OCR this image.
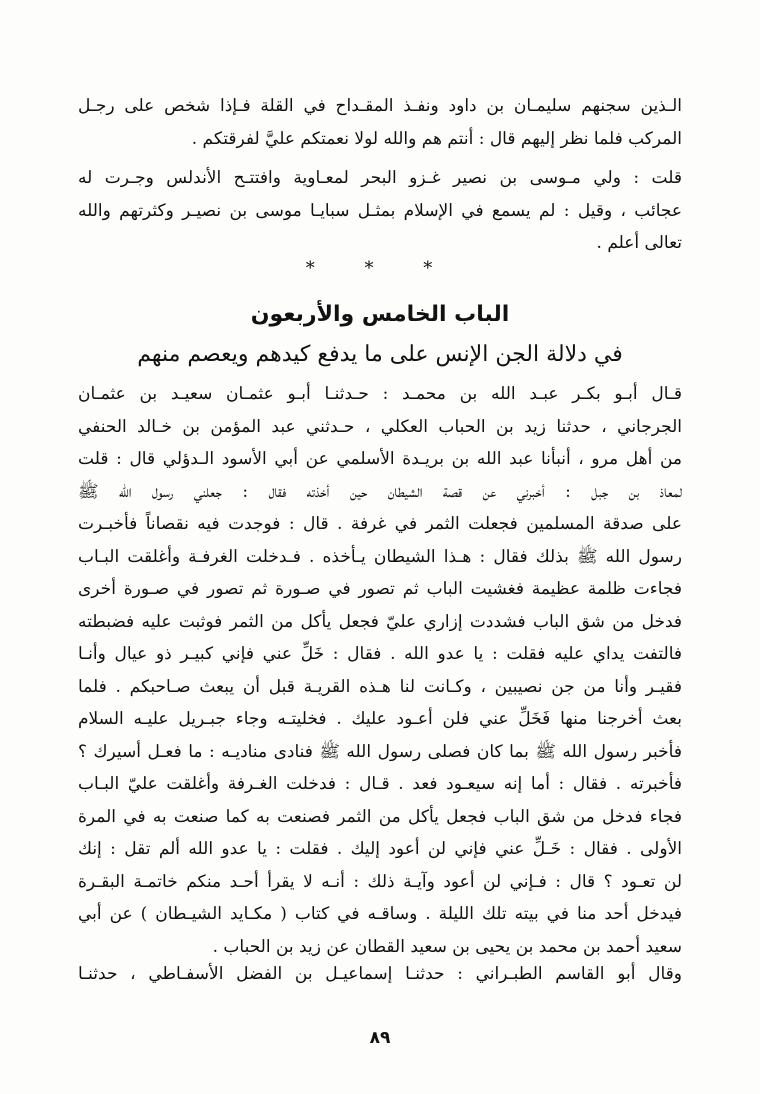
الـذين سجنهم سليمـان بن داود ونفـذ المقـداح في القلة فـإذا شخص على رجـل
المركب فلما نظر إليهم قال : أنتم هم والله لولا نعمتكم عليَّ لفرقتكم .
قلت : ولي مـوسى بن نصير غـزو البحر لمعـاوية وافتتـح الأندلس وجـرت له
عجائب ، وقيل : لم يسمع في الإسلام بمثـل سبايـا موسى بن نصيـر وكثرتهم والله
تعالى أعلم .
* * *
الباب الخامس والأربعون
في دلالة الجن الإنس على ما يدفع كيدهم ويعصم منهم
قـال أبـو بكـر عبـد الله بن محمـد : حـدثنـا أبـو عثمـان سعيـد بن عثمـان
الجرجاني ، حدثنا زيد بن الحباب العكلي ، حـدثني عبد المؤمن بن خـالد الحنفي
من أهل مرو ، أنبأنا عبد الله بن بريـدة الأسلمي عن أبي الأسود الـدؤلي قال : قلت
لمعاذ بن جبل : أخبرني عن قصة الشيطان حين أخذته فقال : جعلني رسول الله ﷺ
على صدقة المسلمين فجعلت الثمر في غرفة . قال : فوجدت فيه نقصاناً فأخبـرت
رسول الله ﷺ بذلك فقال : هـذا الشيطان يـأخذه . فـدخلت الغرفـة وأغلقت البـاب
فجاءت ظلمة عظيمة فغشيت الباب ثم تصور في صـورة ثم تصور في صـورة أخرى
فدخل من شق الباب فشددت إزاري عليّ فجعل يأكل من الثمر فوثبت عليه فضبطته
فالتفت يداي عليه فقلت : يا عدو الله . فقال : خَلِّ عني فإني كبيـر ذو عيال وأنـا
فقيـر وأنا من جن نصيبين ، وكـانت لنا هـذه القريـة قبل أن يبعث صـاحبكم . فلما
بعث أخرجنا منها فَخَلِّ عني فلن أعـود عليك . فخليتـه وجاء جبـريل عليـه السلام
فأخبر رسول الله ﷺ بما كان فصلى رسول الله ﷺ فنادى مناديـه : ما فعـل أسيرك ؟
فأخبرته . فقال : أما إنه سيعـود فعد . قـال : فدخلت الغـرفة وأغلقت عليّ البـاب
فجاء فدخل من شق الباب فجعل يأكل من الثمر فصنعت به كما صنعت به في المرة
الأولى . فقال : خَـلِّ عني فإني لن أعود إليك . فقلت : يا عدو الله ألم تقل : إنك
لن تعـود ؟ قال : فـإني لن أعود وآيـة ذلك : أنـه لا يقرأ أحـد منكم خاتمـة البقـرة
فيدخل أحد منا في بيته تلك الليلة . وساقـه في كتاب ( مكـايد الشيـطان ) عن أبي
سعيد أحمد بن محمد بن يحيى بن سعيد القطان عن زيد بن الحباب .
وقال أبو القاسم الطبـراني : حدثنـا إسماعيـل بن الفضل الأسفـاطي ، حدثنـا
٨٩
